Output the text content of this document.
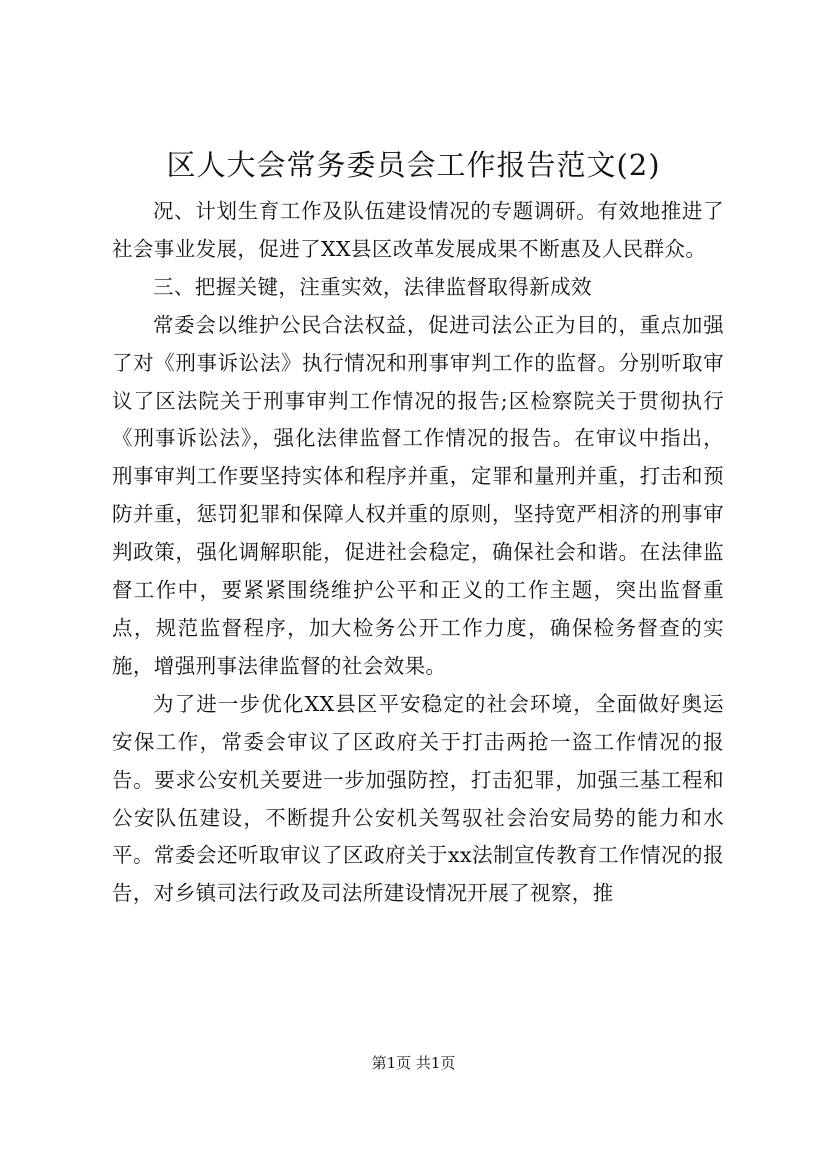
区人大会常务委员会工作报告范文(2)

况、计划生育工作及队伍建设情况的专题调研。有效地推进了社会事业发展，促进了XX县区改革发展成果不断惠及人民群众。

三、把握关键，注重实效，法律监督取得新成效

常委会以维护公民合法权益，促进司法公正为目的，重点加强了对《刑事诉讼法》执行情况和刑事审判工作的监督。分别听取审议了区法院关于刑事审判工作情况的报告;区检察院关于贯彻执行《刑事诉讼法》，强化法律监督工作情况的报告。在审议中指出，刑事审判工作要坚持实体和程序并重，定罪和量刑并重，打击和预防并重，惩罚犯罪和保障人权并重的原则，坚持宽严相济的刑事审判政策，强化调解职能，促进社会稳定，确保社会和谐。在法律监督工作中，要紧紧围绕维护公平和正义的工作主题，突出监督重点，规范监督程序，加大检务公开工作力度，确保检务督查的实施，增强刑事法律监督的社会效果。

为了进一步优化XX县区平安稳定的社会环境，全面做好奥运安保工作，常委会审议了区政府关于打击两抢一盗工作情况的报告。要求公安机关要进一步加强防控，打击犯罪，加强三基工程和公安队伍建设，不断提升公安机关驾驭社会治安局势的能力和水平。常委会还听取审议了区政府关于xx法制宣传教育工作情况的报告，对乡镇司法行政及司法所建设情况开展了视察，推

第1页 共1页
